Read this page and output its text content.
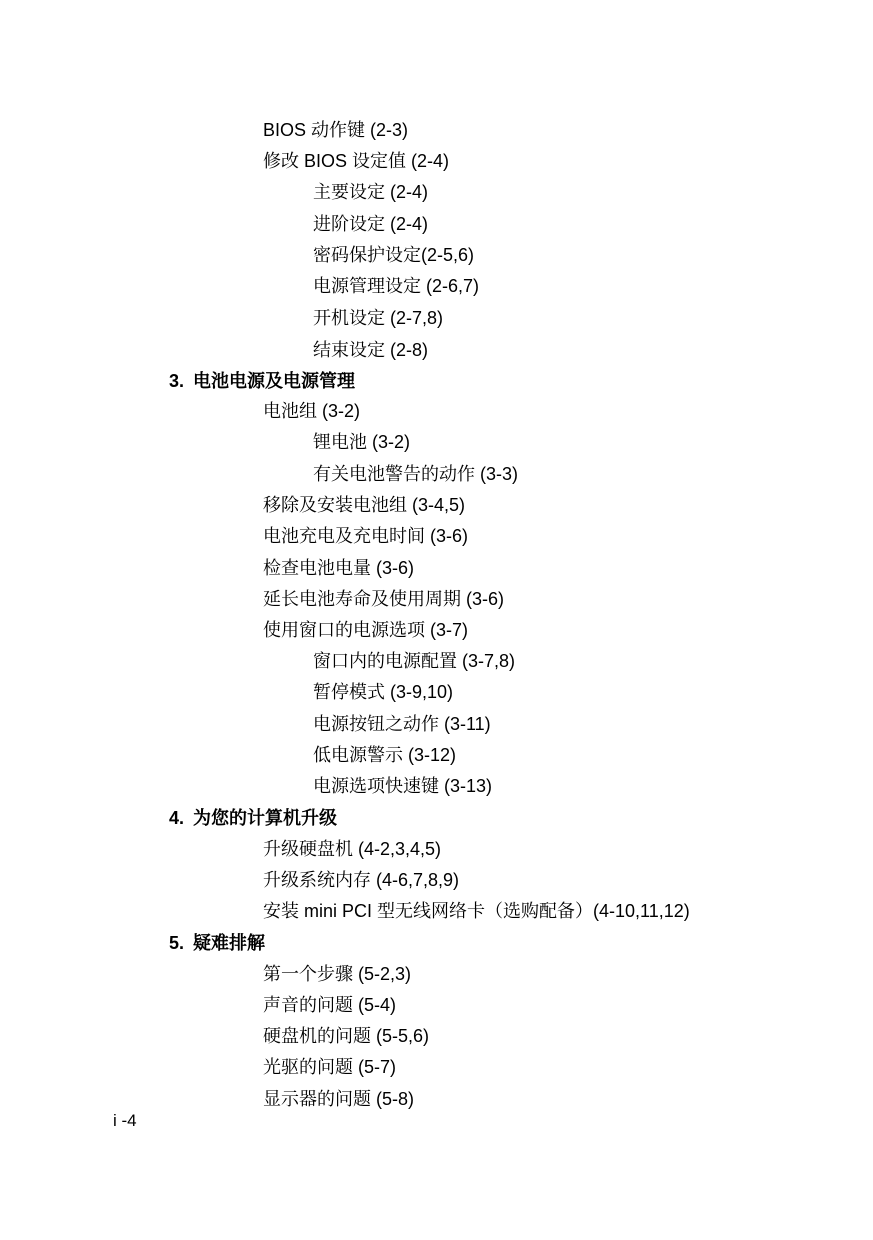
BIOS 动作键 (2-3)
修改 BIOS 设定值 (2-4)
主要设定 (2-4)
进阶设定 (2-4)
密码保护设定(2-5,6)
电源管理设定 (2-6,7)
开机设定 (2-7,8)
结束设定 (2-8)
3. 电池电源及电源管理
电池组 (3-2)
锂电池 (3-2)
有关电池警告的动作 (3-3)
移除及安装电池组 (3-4,5)
电池充电及充电时间 (3-6)
检查电池电量 (3-6)
延长电池寿命及使用周期 (3-6)
使用窗口的电源选项 (3-7)
窗口内的电源配置 (3-7,8)
暂停模式 (3-9,10)
电源按钮之动作 (3-11)
低电源警示 (3-12)
电源选项快速键 (3-13)
4. 为您的计算机升级
升级硬盘机 (4-2,3,4,5)
升级系统内存 (4-6,7,8,9)
安装 mini PCI 型无线网络卡（选购配备）(4-10,11,12)
5. 疑难排解
第一个步骤 (5-2,3)
声音的问题 (5-4)
硬盘机的问题 (5-5,6)
光驱的问题 (5-7)
显示器的问题 (5-8)
i -4
